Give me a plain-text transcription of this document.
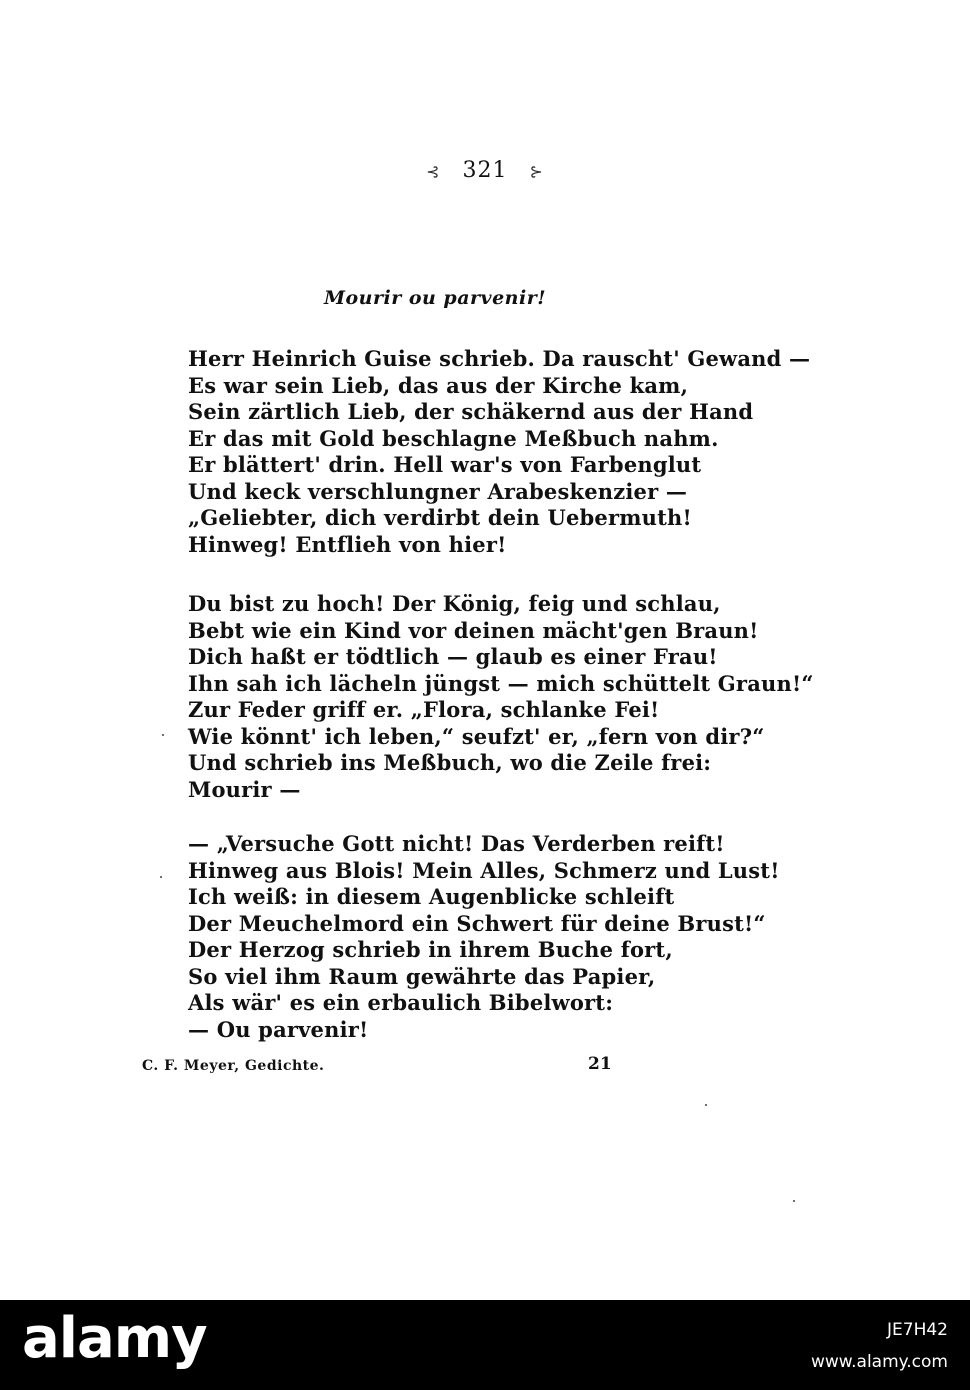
⊰ 321 ⊱
Mourir ou parvenir!
Herr Heinrich Guise schrieb. Da rauscht' Gewand —
Es war sein Lieb, das aus der Kirche kam,
Sein zärtlich Lieb, der schäkernd aus der Hand
Er das mit Gold beschlagne Meßbuch nahm.
Er blättert' drin. Hell war's von Farbenglut
Und keck verschlungner Arabeskenzier —
„Geliebter, dich verdirbt dein Uebermuth!
Hinweg! Entflieh von hier!
Du bist zu hoch! Der König, feig und schlau,
Bebt wie ein Kind vor deinen mächt'gen Braun!
Dich haßt er tödtlich — glaub es einer Frau!
Ihn sah ich lächeln jüngst — mich schüttelt Graun!“
Zur Feder griff er. „Flora, schlanke Fei!
Wie könnt' ich leben,“ seufzt' er, „fern von dir?“
Und schrieb ins Meßbuch, wo die Zeile frei:
Mourir —
— „Versuche Gott nicht! Das Verderben reift!
Hinweg aus Blois! Mein Alles, Schmerz und Lust!
Ich weiß: in diesem Augenblicke schleift
Der Meuchelmord ein Schwert für deine Brust!“
Der Herzog schrieb in ihrem Buche fort,
So viel ihm Raum gewährte das Papier,
Als wär' es ein erbaulich Bibelwort:
— Ou parvenir!
C. F. Meyer, Gedichte.	21
alamy	JE7H42
www.alamy.com
